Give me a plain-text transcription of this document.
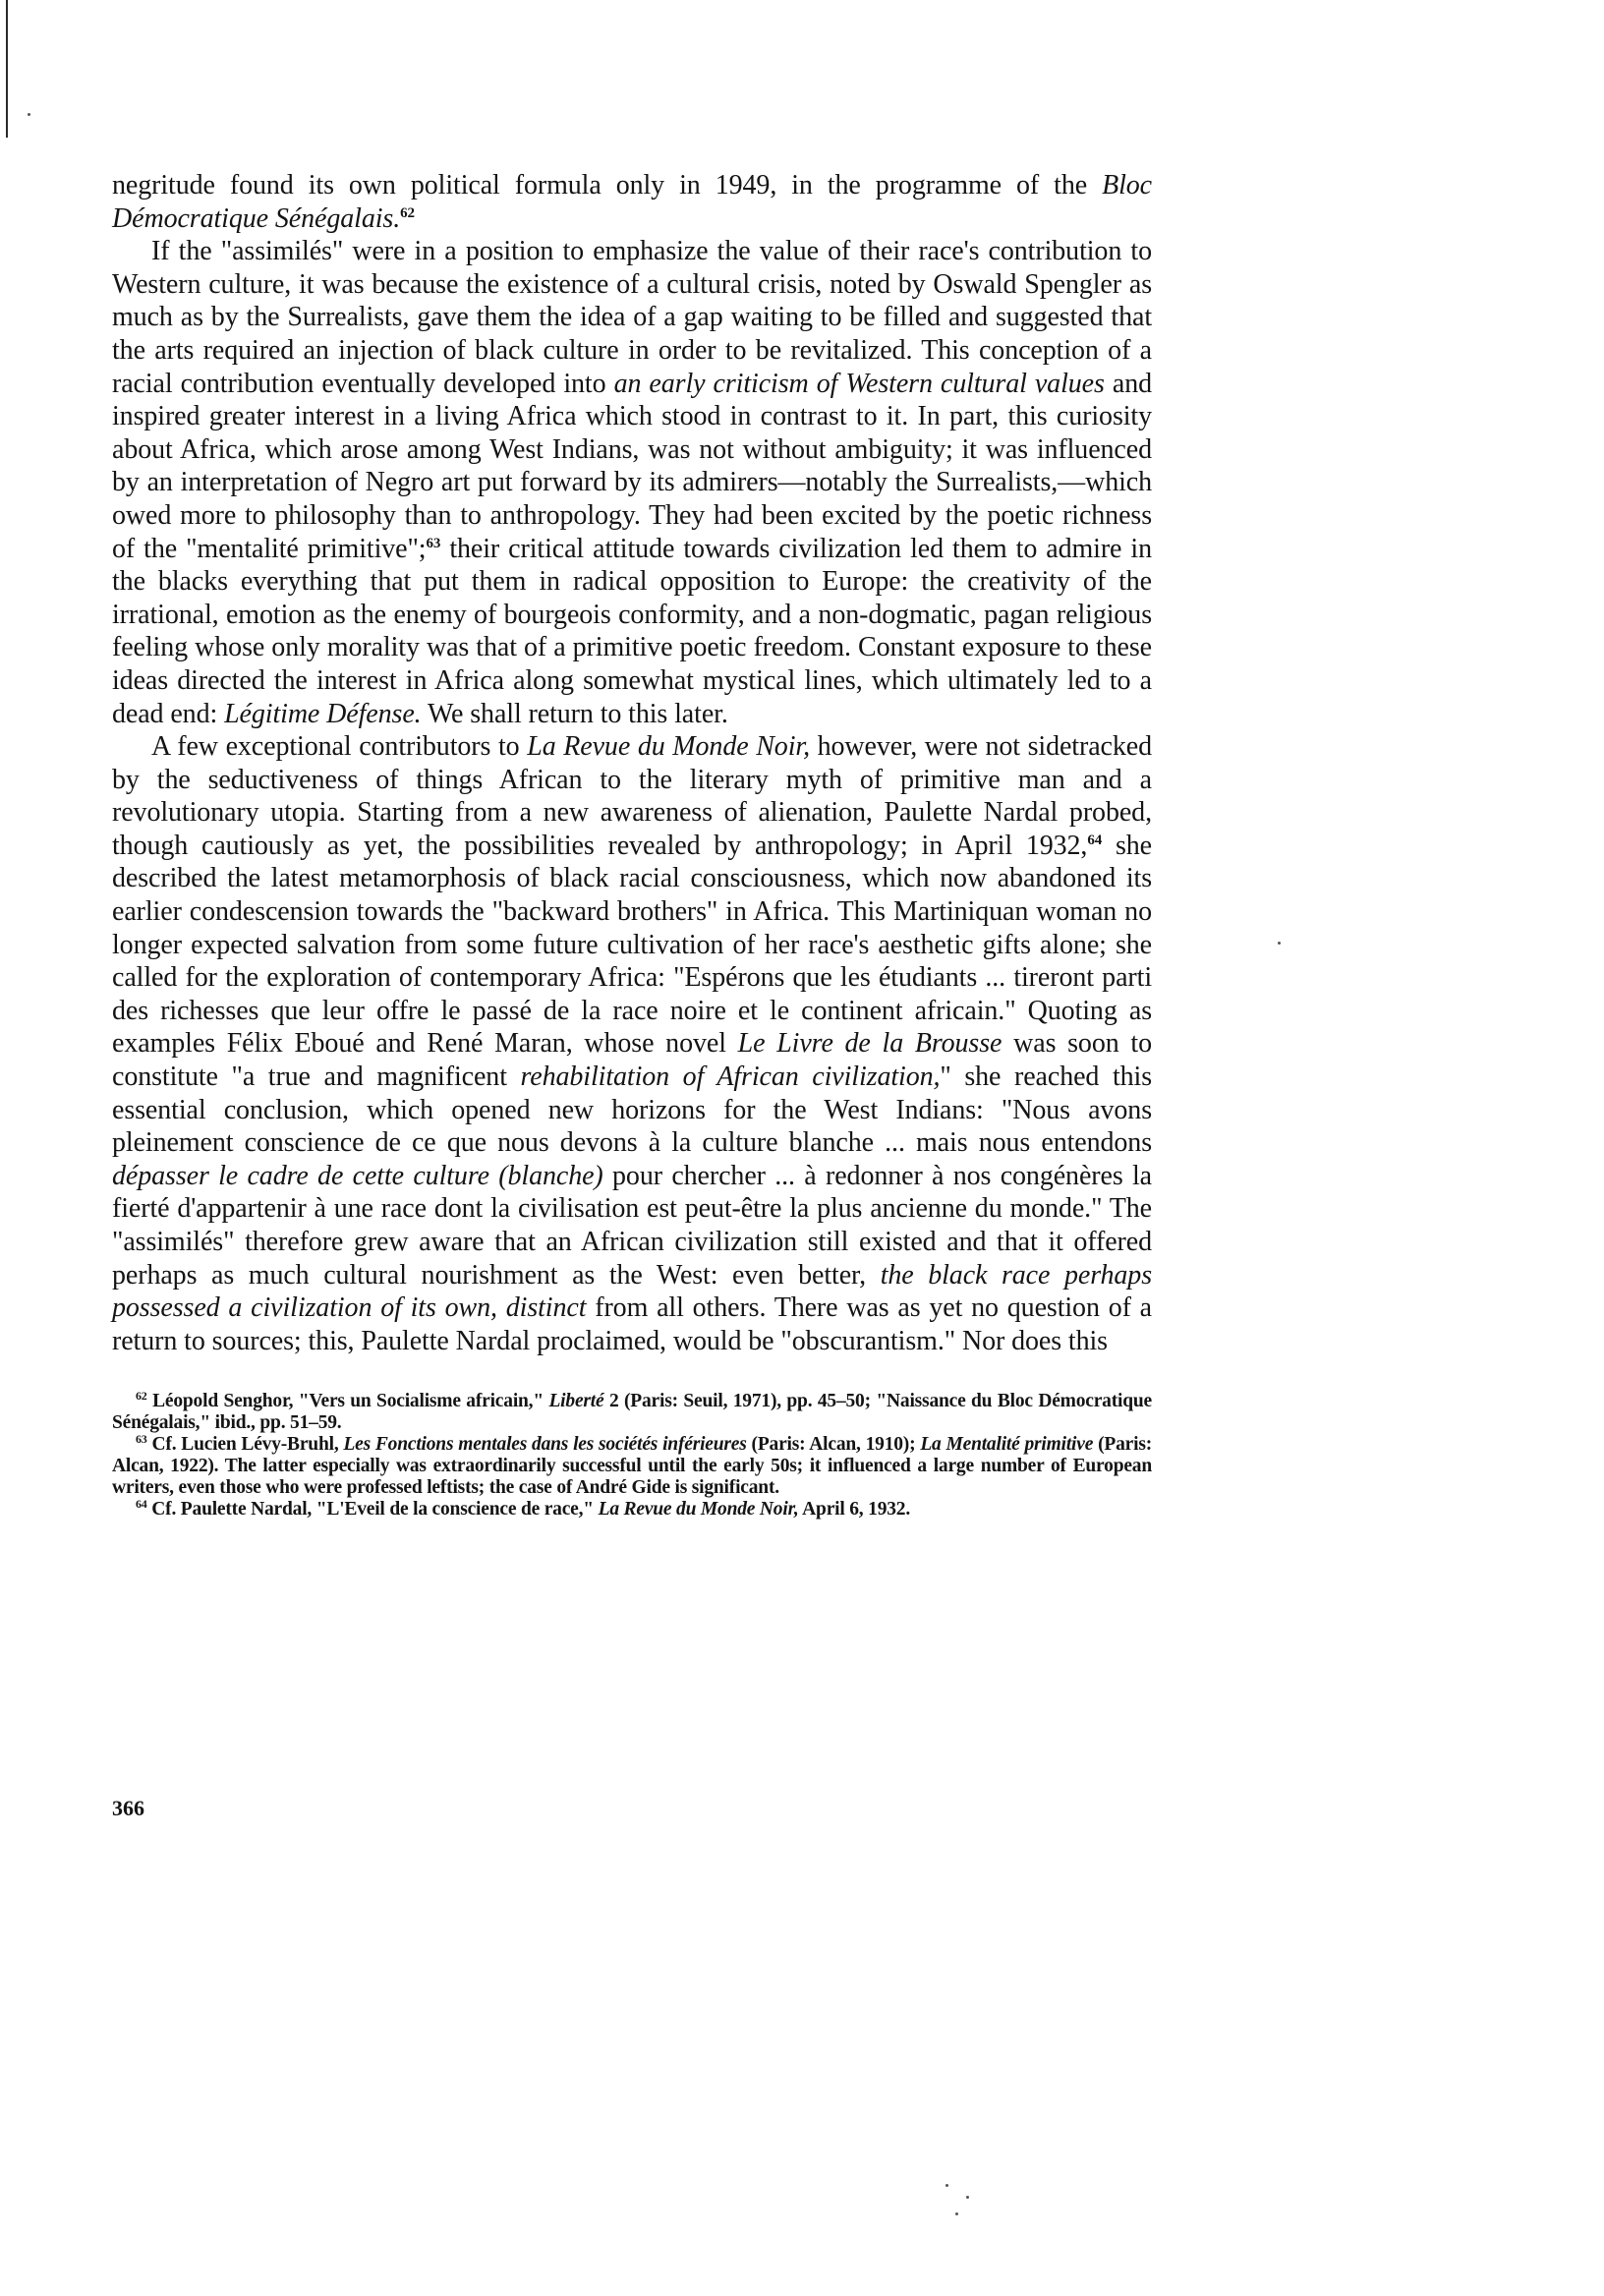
negritude found its own political formula only in 1949, in the programme of the Bloc Démocratique Sénégalais.$^{62}$

If the "assimilés" were in a position to emphasize the value of their race's contribution to Western culture, it was because the existence of a cultural crisis, noted by Oswald Spengler as much as by the Surrealists, gave them the idea of a gap waiting to be filled and suggested that the arts required an injection of black culture in order to be revitalized. This conception of a racial contribution eventually developed into an early criticism of Western cultural values and inspired greater interest in a living Africa which stood in contrast to it. In part, this curiosity about Africa, which arose among West Indians, was not without ambiguity; it was influenced by an interpretation of Negro art put forward by its admirers—notably the Surrealists,—which owed more to philosophy than to anthropology. They had been excited by the poetic richness of the "mentalité primitive";$^{63}$ their critical attitude towards civilization led them to admire in the blacks everything that put them in radical opposition to Europe: the creativity of the irrational, emotion as the enemy of bourgeois conformity, and a non-dogmatic, pagan religious feeling whose only morality was that of a primitive poetic freedom. Constant exposure to these ideas directed the interest in Africa along somewhat mystical lines, which ultimately led to a dead end: Légitime Défense. We shall return to this later.

A few exceptional contributors to La Revue du Monde Noir, however, were not sidetracked by the seductiveness of things African to the literary myth of primitive man and a revolutionary utopia. Starting from a new awareness of alienation, Paulette Nardal probed, though cautiously as yet, the possibilities revealed by anthropology; in April 1932,64 she described the latest metamorphosis of black racial consciousness, which now abandoned its earlier condescension towards the "backward brothers" in Africa. This Martiniquan woman no longer expected salvation from some future cultivation of her race's aesthetic gifts alone; she called for the exploration of contemporary Africa: "Espérons que les étudiants ... tireront parti des richesses que leur offre le passé de la race noire et le continent africain." Quoting as examples Félix Eboué and René Maran, whose novel Le Livre de la Brousse was soon to constitute "a true and magnificent rehabilitation of African civilization," she reached this essential conclusion, which opened new horizons for the West Indians: "Nous avons pleinement conscience de ce que nous devons à la culture blanche ... mais nous entendons dépasser le cadre de cette culture (blanche) pour chercher ... à redonner à nos congénères la fierté d'appartenir à une race dont la civilisation est peut-être la plus ancienne du monde." The "assimilés" therefore grew aware that an African civilization still existed and that it offered perhaps as much cultural nourishment as the West: even better, the black race perhaps possessed a civilization of its own, distinct from all others. There was as yet no question of a return to sources; this, Paulette Nardal proclaimed, would be "obscurantism." Nor does this

$^{62}$ Léopold Senghor, "Vers un Socialisme africain," Liberté 2 (Paris: Seuil, 1971), pp. 45–50; "Naissance du Bloc Démocratique Sénégalais," ibid., pp. 51–59.

$^{63}$ Cf. Lucien Lévy-Bruhl, Les Fonctions mentales dans les sociétés inférieures (Paris: Alcan, 1910); La Mentalité primitive (Paris: Alcan, 1922). The latter especially was extraordinarily successful until the early 50s; it influenced a large number of European writers, even those who were professed leftists; the case of André Gide is significant.

$^{64}$ Cf. Paulette Nardal, "L'Eveil de la conscience de race," La Revue du Monde Noir, April 6, 1932.

366
